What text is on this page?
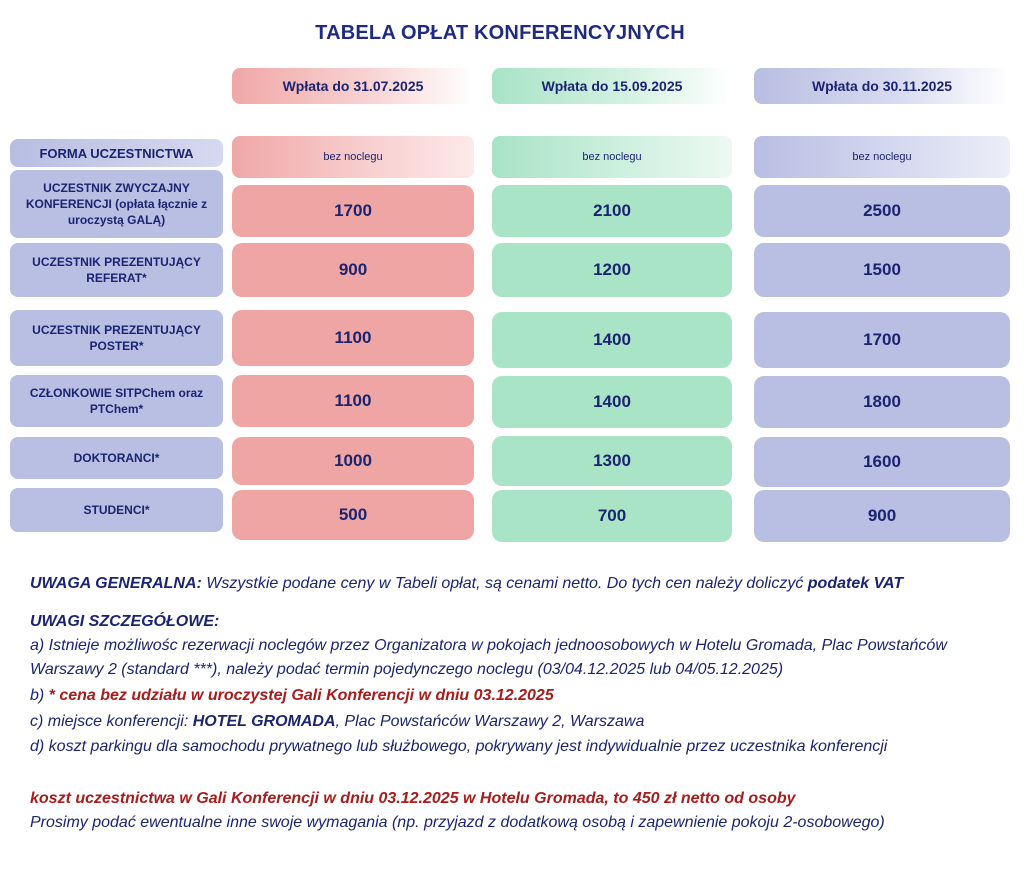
TABELA OPŁAT KONFERENCYJNYCH
Wpłata do 31.07.2025	Wpłata do 15.09.2025	Wpłata do 30.11.2025
FORMA UCZESTNICTWA	bez noclegu	bez noclegu	bez noclegu
UCZESTNIK ZWYCZAJNY KONFERENCJI (opłata łącznie z uroczystą GALĄ)	1700	2100	2500
UCZESTNIK PREZENTUJĄCY REFERAT*	900	1200	1500
UCZESTNIK PREZENTUJĄCY POSTER*	1100	1400	1700
CZŁONKOWIE SITPChem oraz PTChem*	1100	1400	1800
DOKTORANCI*	1000	1300	1600
STUDENCI*	500	700	900
UWAGA GENERALNA: Wszystkie podane ceny w Tabeli opłat, są cenami netto. Do tych cen należy doliczyć podatek VAT
UWAGI SZCZEGÓŁOWE:
a) Istnieje możliwośc rezerwacji noclegów przez Organizatora w pokojach jednoosobowych w Hotelu Gromada, Plac Powstańców
Warszawy 2 (standard ***), należy podać termin pojedynczego noclegu (03/04.12.2025 lub 04/05.12.2025)
b) * cena bez udziału w uroczystej Gali Konferencji w dniu 03.12.2025
c) miejsce konferencji: HOTEL GROMADA, Plac Powstańców Warszawy 2, Warszawa
d) koszt parkingu dla samochodu prywatnego lub służbowego, pokrywany jest indywidualnie przez uczestnika konferencji
koszt uczestnictwa w Gali Konferencji w dniu 03.12.2025 w Hotelu Gromada, to 450 zł netto od osoby
Prosimy podać ewentualne inne swoje wymagania (np. przyjazd z dodatkową osobą i zapewnienie pokoju 2-osobowego)
